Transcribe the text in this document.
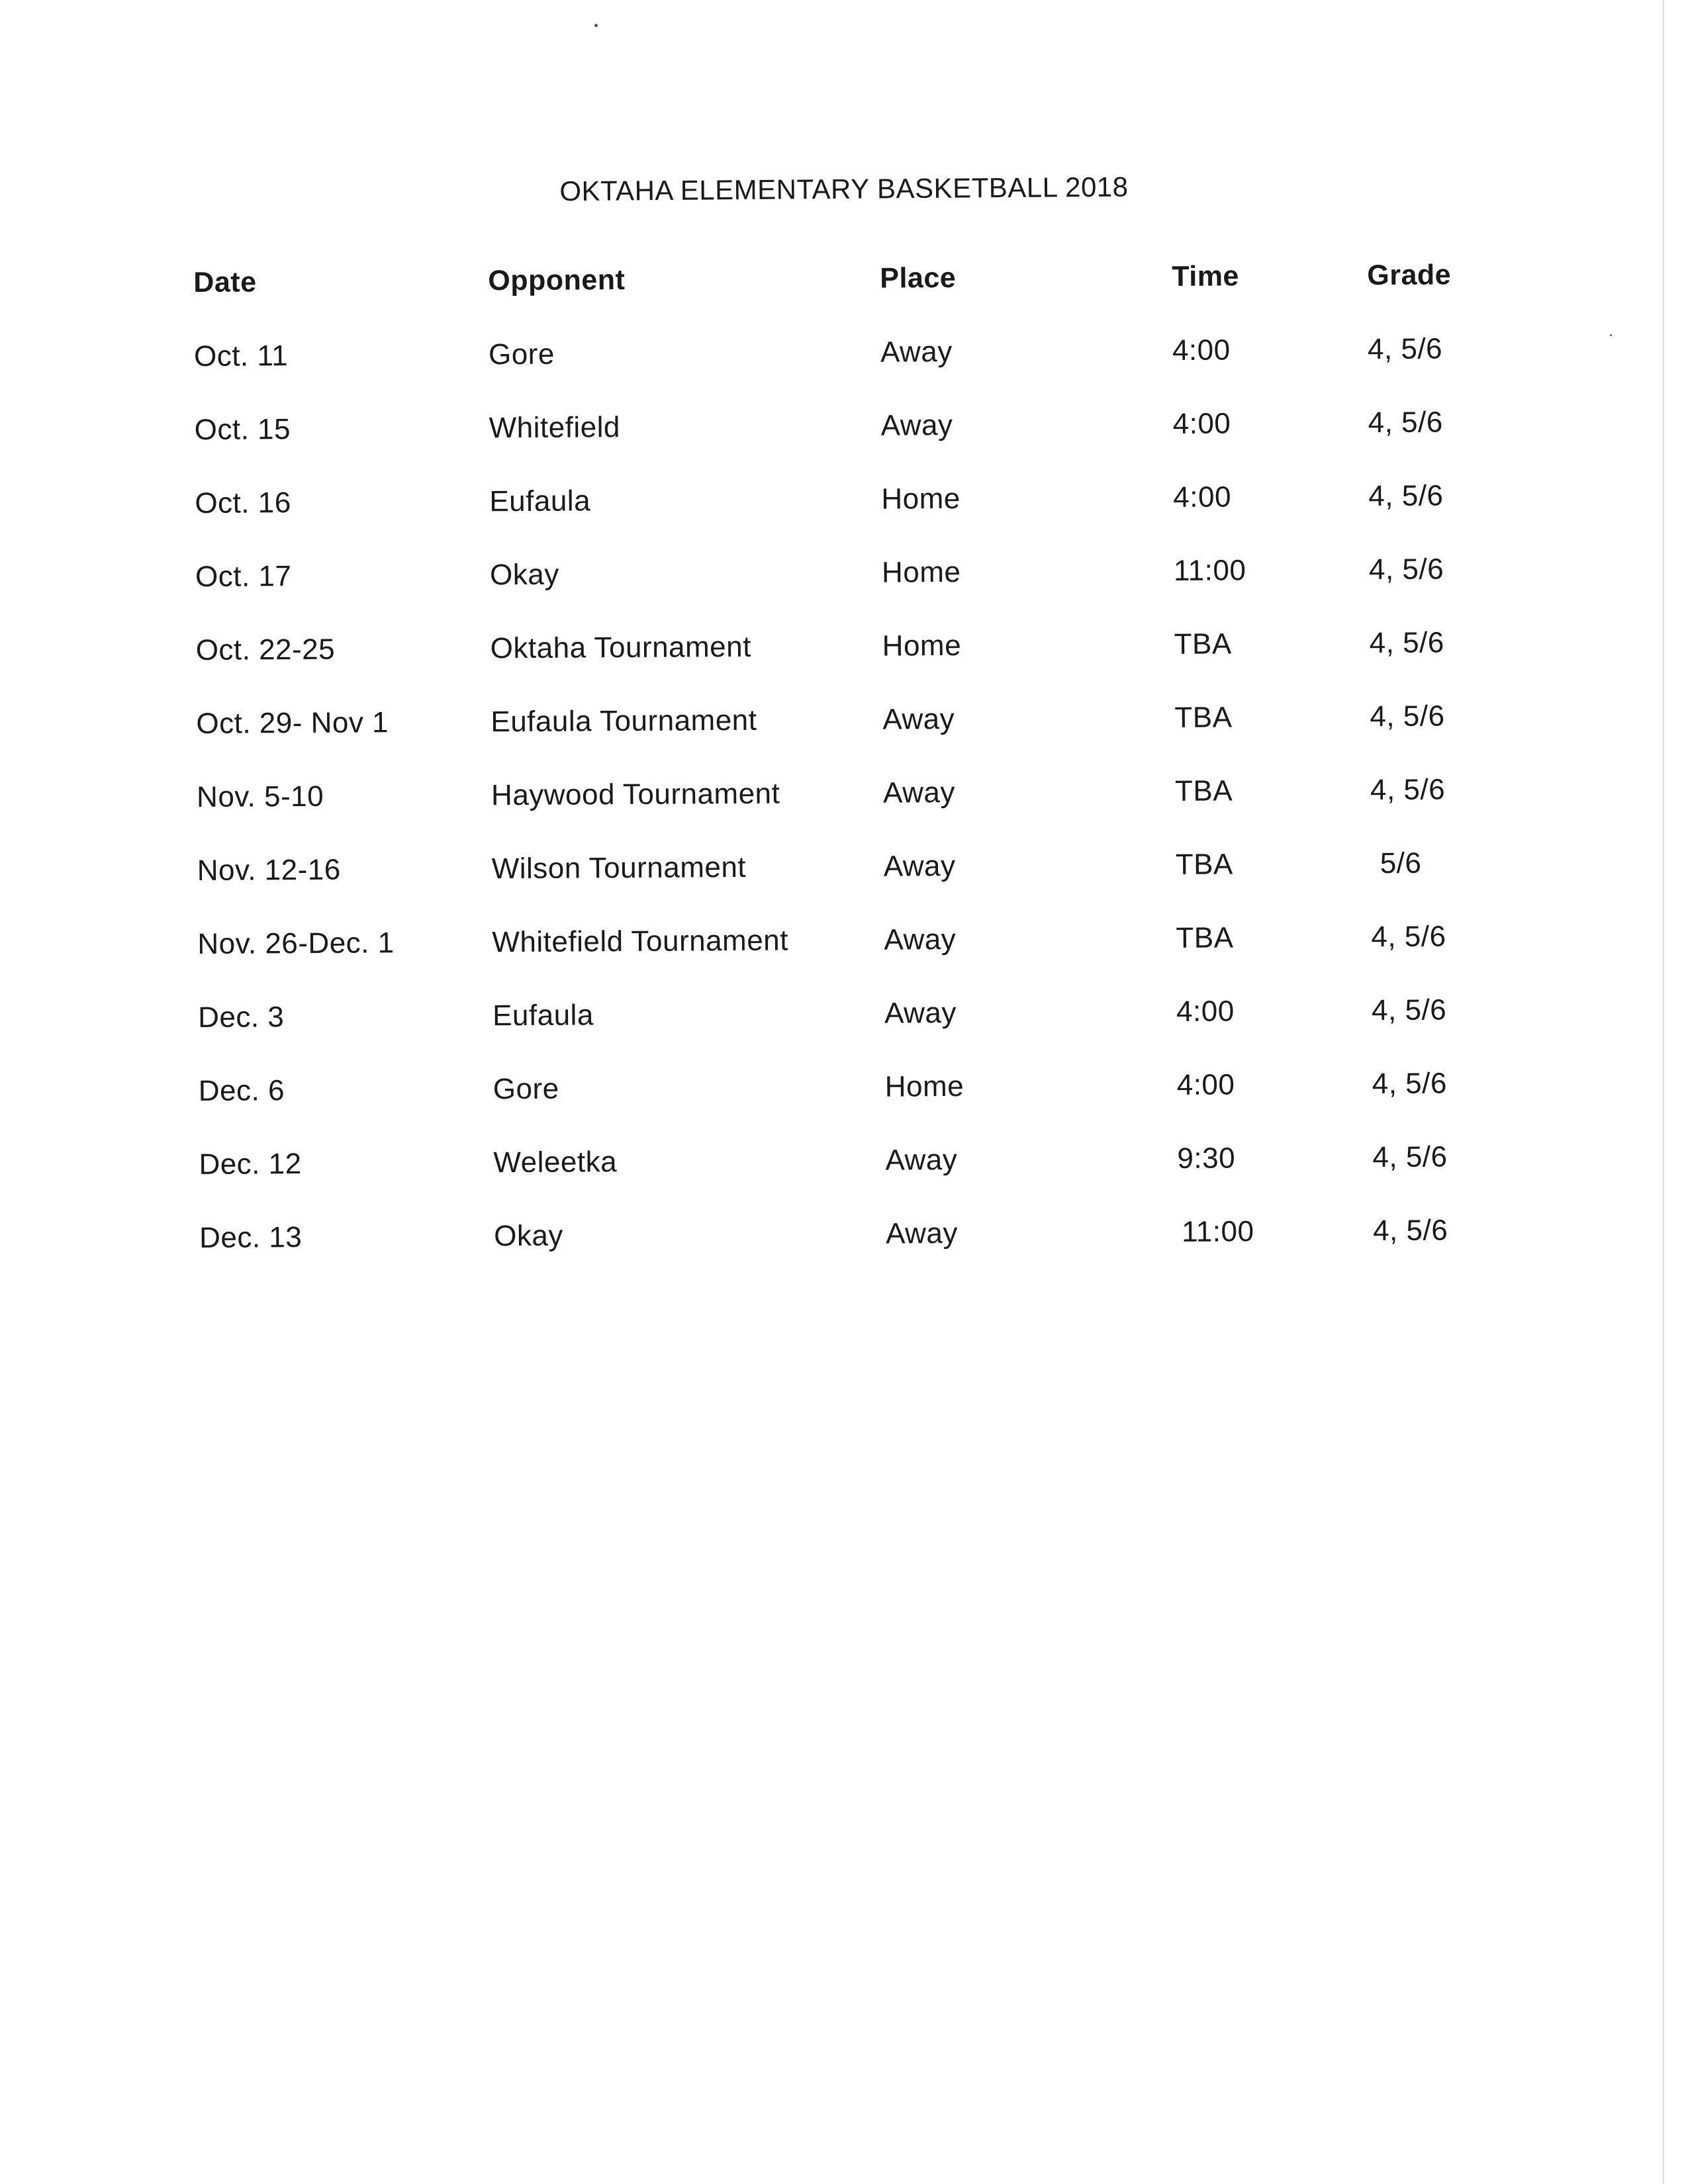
OKTAHA ELEMENTARY BASKETBALL 2018
Date	Opponent	Place	Time	Grade
Oct. 11	Gore	Away	4:00	4, 5/6
Oct. 15	Whitefield	Away	4:00	4, 5/6
Oct. 16	Eufaula	Home	4:00	4, 5/6
Oct. 17	Okay	Home	11:00	4, 5/6
Oct. 22-25	Oktaha Tournament	Home	TBA	4, 5/6
Oct. 29- Nov 1	Eufaula Tournament	Away	TBA	4, 5/6
Nov. 5-10	Haywood Tournament	Away	TBA	4, 5/6
Nov. 12-16	Wilson Tournament	Away	TBA	5/6
Nov. 26-Dec. 1	Whitefield Tournament	Away	TBA	4, 5/6
Dec. 3	Eufaula	Away	4:00	4, 5/6
Dec. 6	Gore	Home	4:00	4, 5/6
Dec. 12	Weleetka	Away	9:30	4, 5/6
Dec. 13	Okay	Away	11:00	4, 5/6
